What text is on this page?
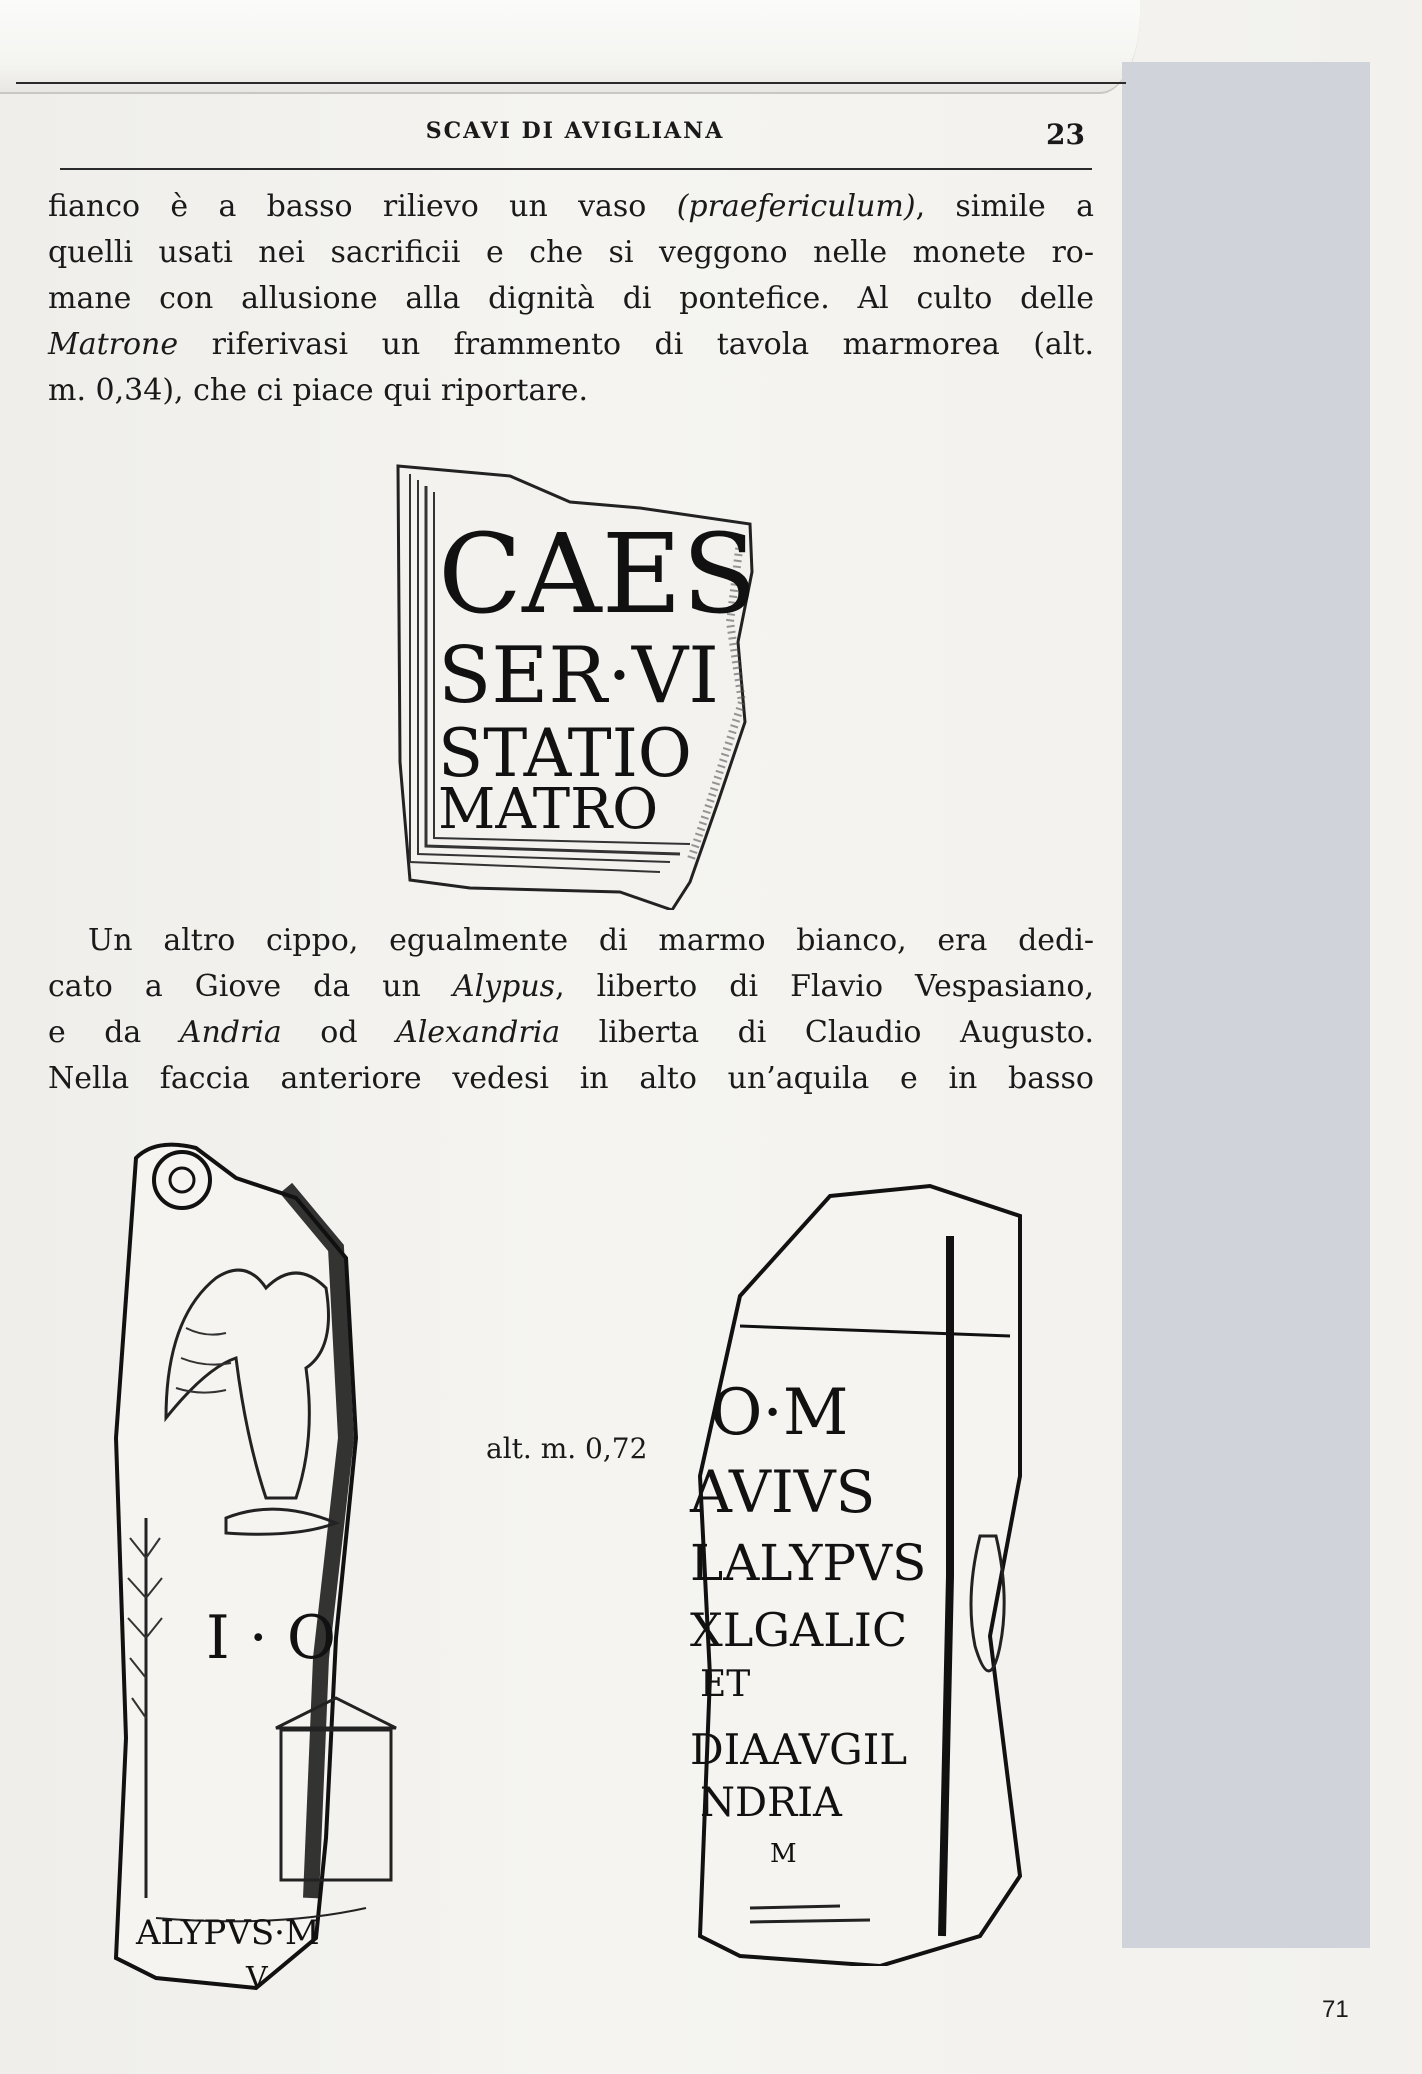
SCAVI DI AVIGLIANA	23
fianco è a basso rilievo un vaso (praefericulum), simile a
quelli usati nei sacrificii e che si veggono nelle monete ro-
mane con allusione alla dignità di pontefice. Al culto delle
Matrone riferivasi un frammento di tavola marmorea (alt.
m. 0,34), che ci piace qui riportare.
CAES
SER·VI
STATIO
MATRO
Un altro cippo, egualmente di marmo bianco, era dedi-
cato a Giove da un Alypus, liberto di Flavio Vespasiano,
e da Andria od Alexandria liberta di Claudio Augusto.
Nella faccia anteriore vedesi in alto un’aquila e in basso
I · O
ALYPVS·M
V
alt. m. 0,72 O·M
AVIVS
LALYPVS
XLGALIC
ET
DIAAVGIL
NDRIA
M
71
